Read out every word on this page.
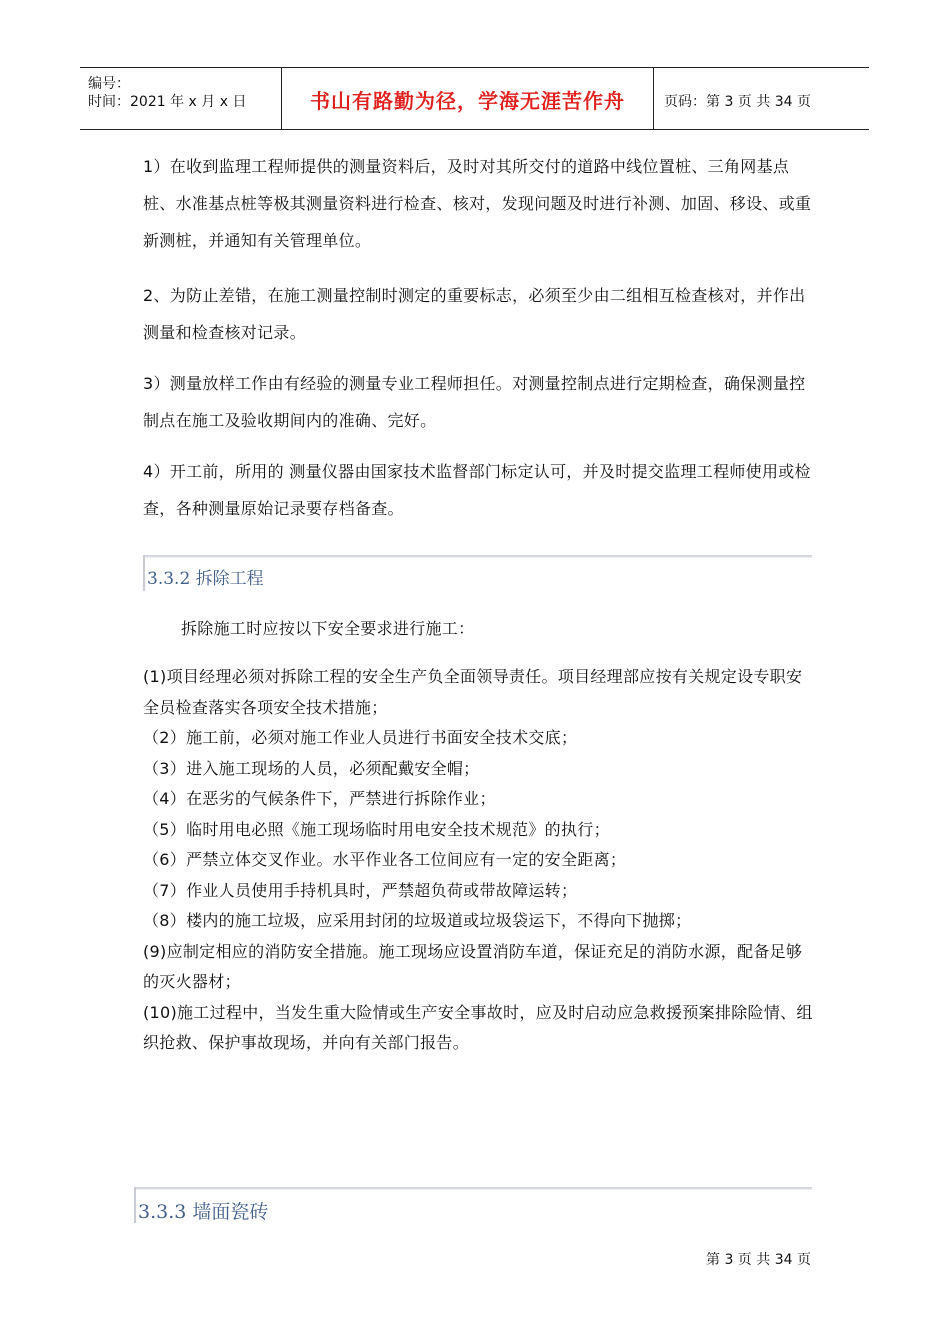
编号：
时间：2021 年 x 月 x 日	书山有路勤为径，学海无涯苦作舟	页码：第 3 页 共 34 页

1）在收到监理工程师提供的测量资料后，及时对其所交付的道路中线位置桩、三角网基点桩、水准基点桩等极其测量资料进行检查、核对，发现问题及时进行补测、加固、移设、或重新测桩，并通知有关管理单位。

2、为防止差错，在施工测量控制时测定的重要标志，必须至少由二组相互检查核对，并作出测量和检查核对记录。

3）测量放样工作由有经验的测量专业工程师担任。对测量控制点进行定期检查，确保测量控制点在施工及验收期间内的准确、完好。

4）开工前，所用的 测量仪器由国家技术监督部门标定认可，并及时提交监理工程师使用或检查，各种测量原始记录要存档备查。

3.3.2 拆除工程

拆除施工时应按以下安全要求进行施工：

(1)项目经理必须对拆除工程的安全生产负全面领导责任。项目经理部应按有关规定设专职安全员检查落实各项安全技术措施；
（2）施工前，必须对施工作业人员进行书面安全技术交底；
（3）进入施工现场的人员，必须配戴安全帽；
（4）在恶劣的气候条件下，严禁进行拆除作业；
（5）临时用电必照《施工现场临时用电安全技术规范》的执行；
（6）严禁立体交叉作业。水平作业各工位间应有一定的安全距离；
（7）作业人员使用手持机具时，严禁超负荷或带故障运转；
（8）楼内的施工垃圾，应采用封闭的垃圾道或垃圾袋运下，不得向下抛掷；
(9)应制定相应的消防安全措施。施工现场应设置消防车道，保证充足的消防水源，配备足够的灭火器材；
(10)施工过程中，当发生重大险情或生产安全事故时，应及时启动应急救援预案排除险情、组织抢救、保护事故现场，并向有关部门报告。
3.3.3 墙面瓷砖
第 3 页 共 34 页
